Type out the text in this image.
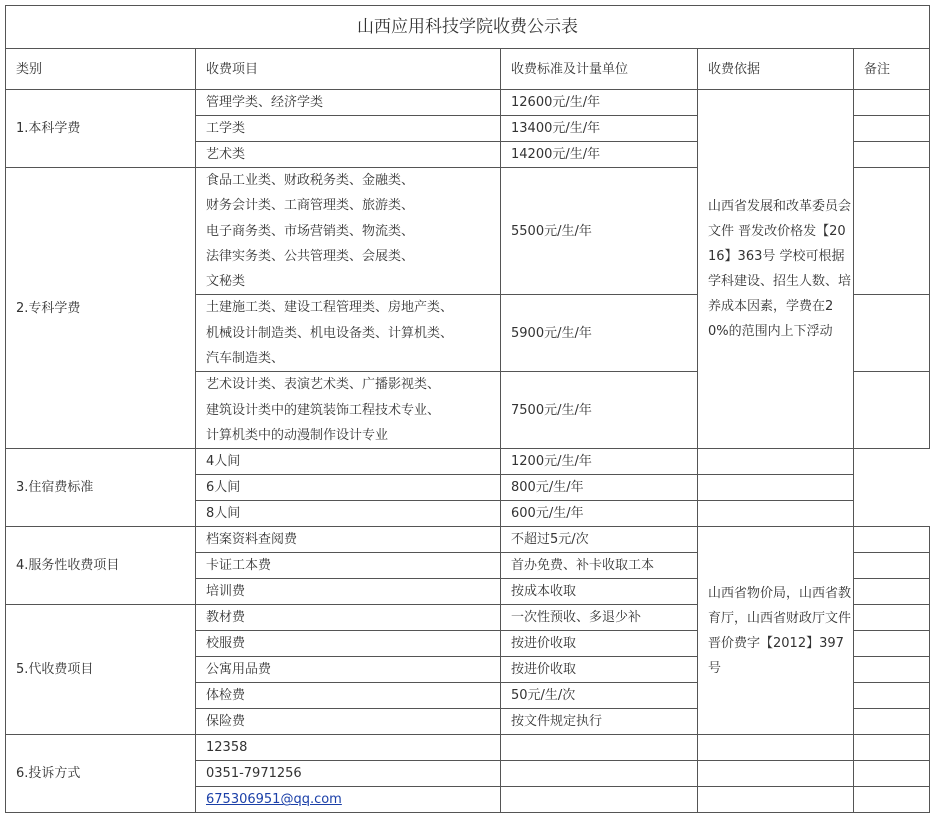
山西应用科技学院收费公示表				
类别	收费项目	收费标准及计量单位	收费依据	备注
1.本科学费	管理学类、经济学类	12600元/生/年	山西省发展和改革委员会文件 晋发改价格发【2016】363号 学校可根据学科建设、招生人数、培养成本因素，学费在20%的范围内上下浮动	
	工学类	13400元/生/年		
	艺术类	14200元/生/年		
2.专科学费	食品工业类、财政税务类、金融类、
财务会计类、工商管理类、旅游类、
电子商务类、市场营销类、物流类、
法律实务类、公共管理类、会展类、
文秘类	5500元/生/年		

	土建施工类、建设工程管理类、房地产类、
机械设计制造类、机电设备类、计算机类、
汽车制造类、	5900元/生/年		

	艺术设计类、表演艺术类、广播影视类、
建筑设计类中的建筑装饰工程技术专业、
计算机类中的动漫制作设计专业	7500元/生/年		

3.住宿费标准	4人间	1200元/生/年		
	6人间	800元/生/年		
	8人间	600元/生/年		
4.服务性收费项目	档案资料查阅费	不超过5元/次	山西省物价局，山西省教育厅，山西省财政厅文件 晋价费字【2012】397号	
	卡证工本费	首办免费、补卡收取工本		
	培训费	按成本收取		
5.代收费项目	教材费	一次性预收、多退少补		
	校服费	按进价收取		
	公寓用品费	按进价收取		
	体检费	50元/生/次		
	保险费	按文件规定执行		
6.投诉方式	12358			
	0351-7971256			
	675306951@qq.com			
